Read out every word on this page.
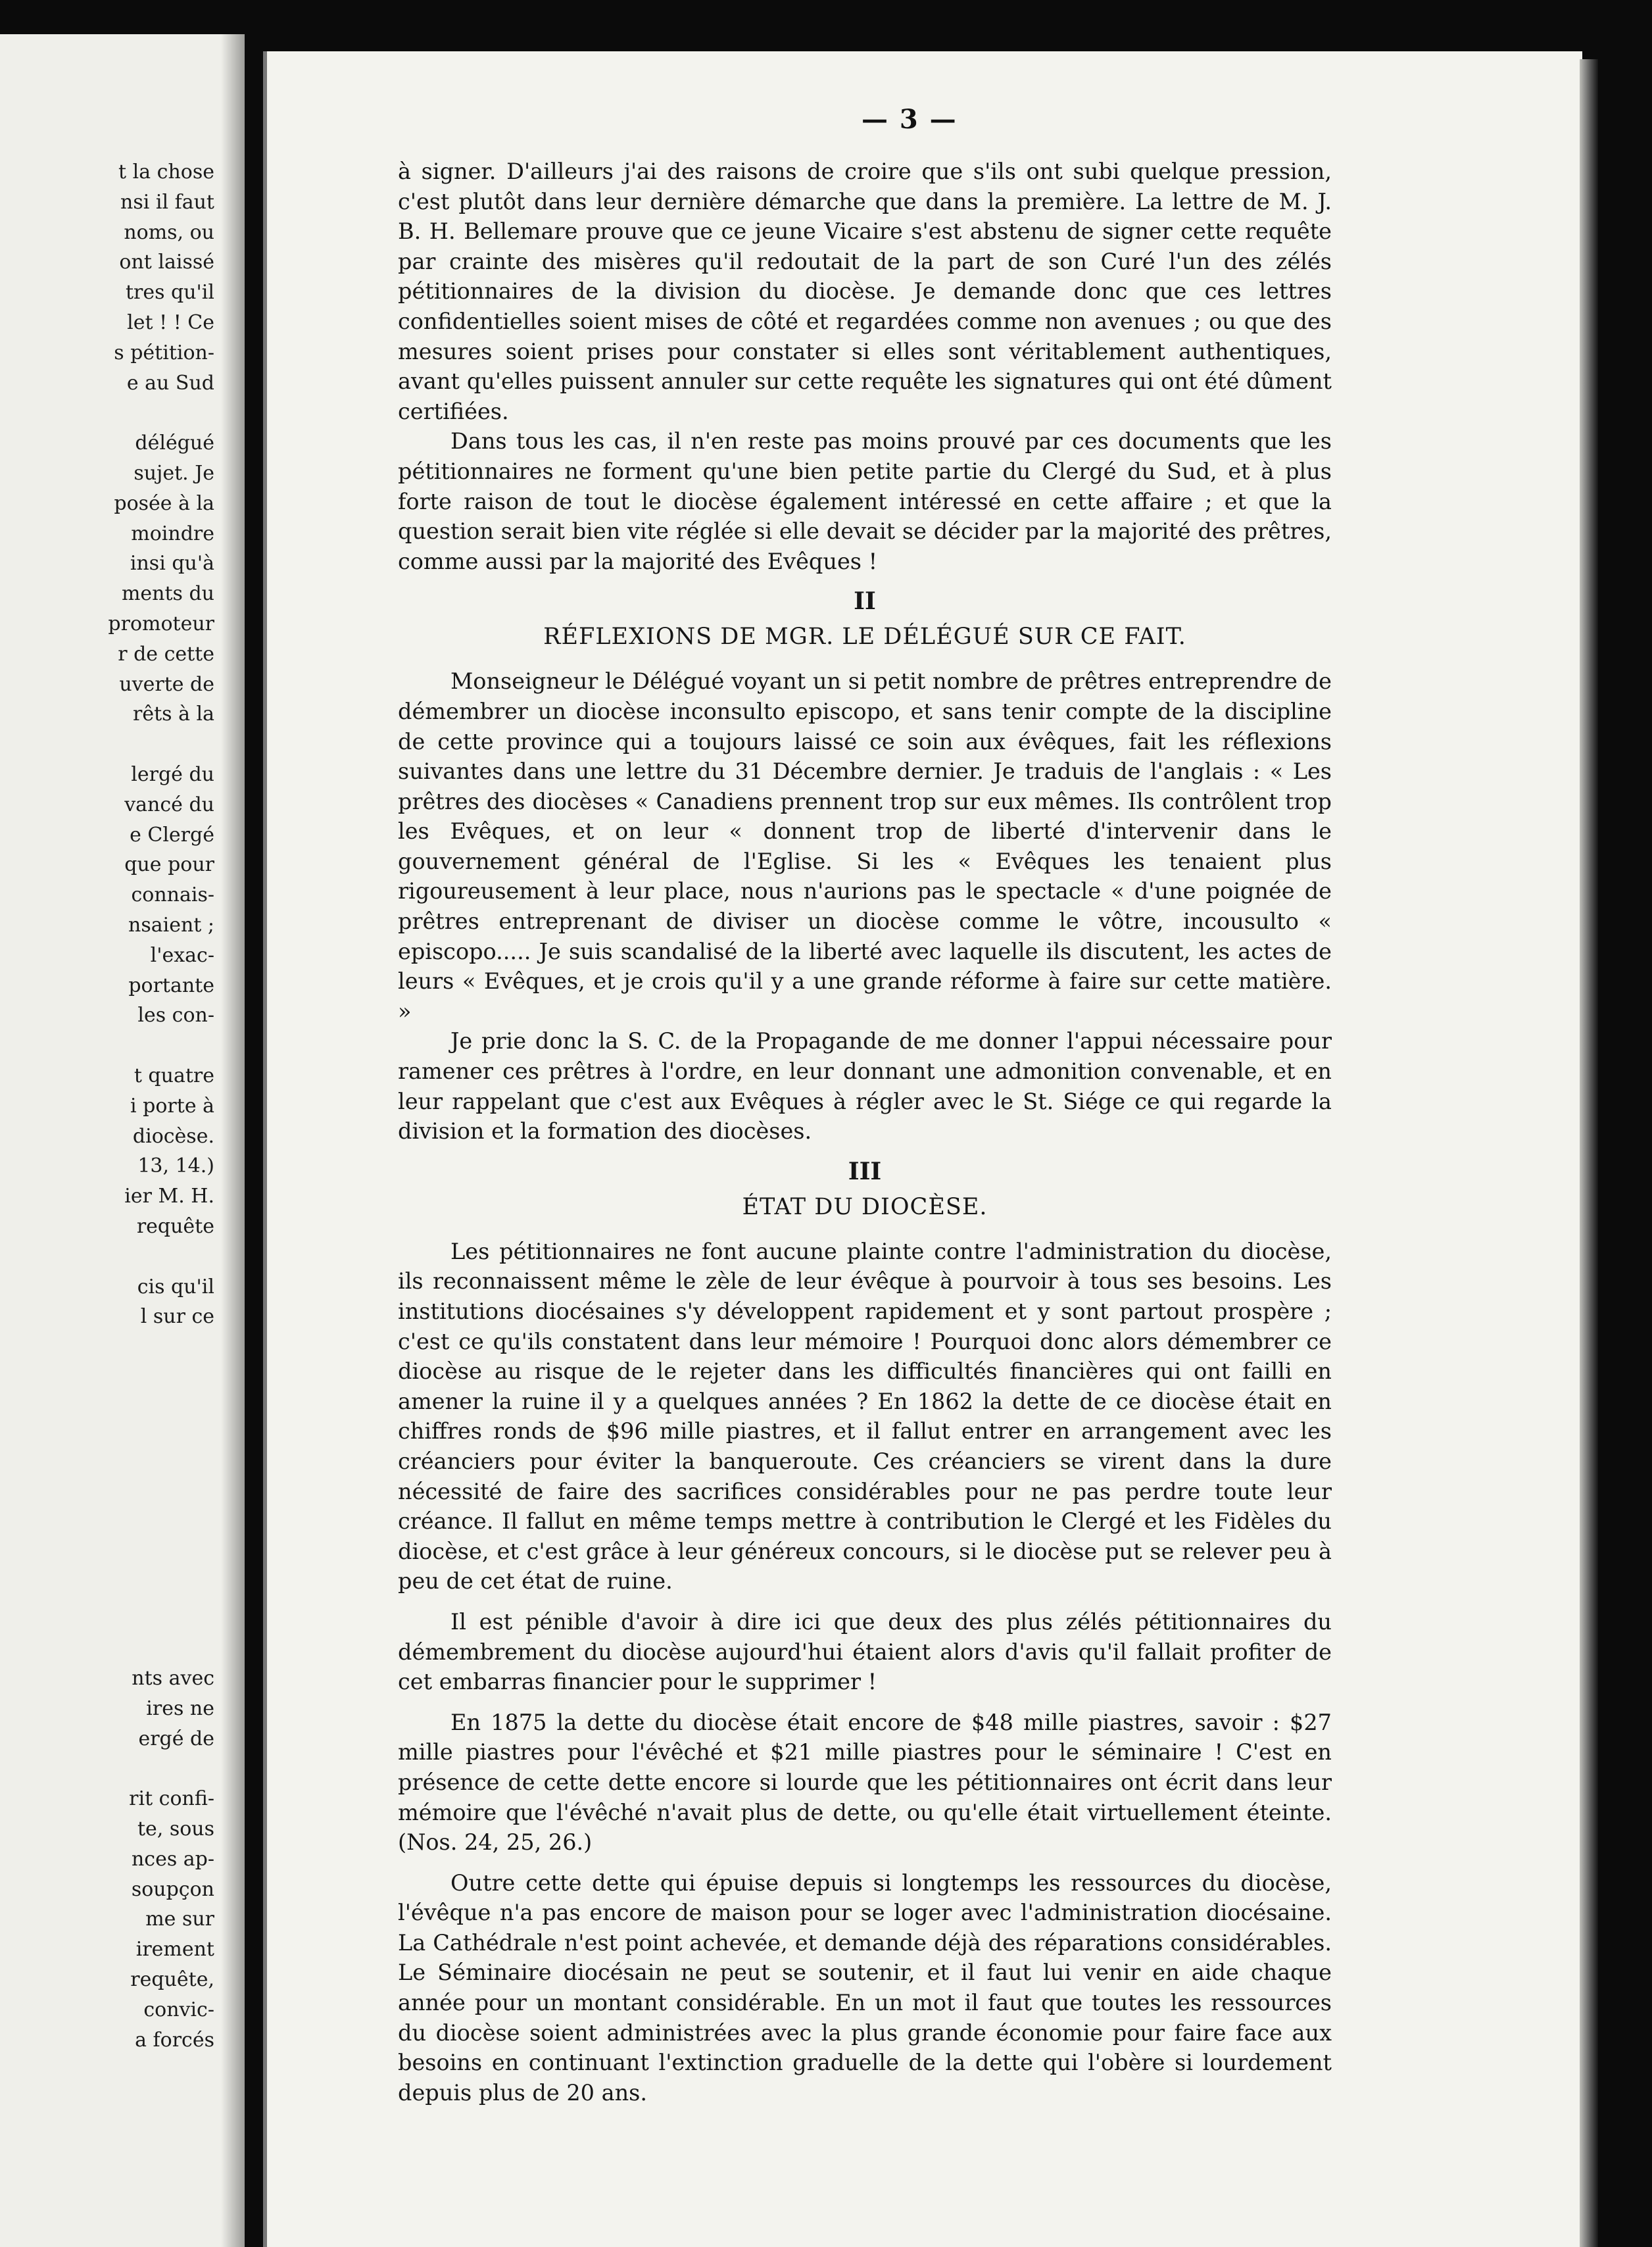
t la chose
nsi il faut
noms, ou
ont laissé
tres qu'il
let ! ! Ce
s pétition-
e au Sud
délégué
sujet. Je
posée à la
moindre
insi qu'à
ments du
promoteur
r de cette
uverte de
rêts à la
lergé du
vancé du
e Clergé
que pour
connais-
nsaient ;
l'exac-
portante
les con-
t quatre
i porte à
diocèse.
13, 14.)
ier M. H.
requête
cis qu'il
l sur ce
nts avec
ires ne
ergé de
rit confi-
te, sous
nces ap-
soupçon
me sur
irement
requête,
convic-
a forcés
— 3 —

à signer. D'ailleurs j'ai des raisons de croire que s'ils ont subi quelque pression, c'est plutôt dans leur dernière démarche que dans la première. La lettre de M. J. B. H. Bellemare prouve que ce jeune Vicaire s'est abstenu de signer cette requête par crainte des misères qu'il redoutait de la part de son Curé l'un des zélés pétitionnaires de la division du diocèse. Je demande donc que ces lettres confidentielles soient mises de côté et regardées comme non avenues ; ou que des mesures soient prises pour constater si elles sont véritablement authentiques, avant qu'elles puissent annuler sur cette requête les signatures qui ont été dûment certifiées.

Dans tous les cas, il n'en reste pas moins prouvé par ces documents que les pétitionnaires ne forment qu'une bien petite partie du Clergé du Sud, et à plus forte raison de tout le diocèse également intéressé en cette affaire ; et que la question serait bien vite réglée si elle devait se décider par la majorité des prêtres, comme aussi par la majorité des Evêques !

II
RÉFLEXIONS DE MGR. LE DÉLÉGUÉ SUR CE FAIT.

Monseigneur le Délégué voyant un si petit nombre de prêtres entreprendre de démembrer un diocèse inconsulto episcopo, et sans tenir compte de la discipline de cette province qui a toujours laissé ce soin aux évêques, fait les réflexions suivantes dans une lettre du 31 Décembre dernier. Je traduis de l'anglais : « Les prêtres des diocèses « Canadiens prennent trop sur eux mêmes. Ils contrôlent trop les Evêques, et on leur « donnent trop de liberté d'intervenir dans le gouvernement général de l'Eglise. Si les « Evêques les tenaient plus rigoureusement à leur place, nous n'aurions pas le spectacle « d'une poignée de prêtres entreprenant de diviser un diocèse comme le vôtre, incousulto « episcopo..... Je suis scandalisé de la liberté avec laquelle ils discutent, les actes de leurs « Evêques, et je crois qu'il y a une grande réforme à faire sur cette matière. »

Je prie donc la S. C. de la Propagande de me donner l'appui nécessaire pour ramener ces prêtres à l'ordre, en leur donnant une admonition convenable, et en leur rappelant que c'est aux Evêques à régler avec le St. Siége ce qui regarde la division et la formation des diocèses.

III
ÉTAT DU DIOCÈSE.

Les pétitionnaires ne font aucune plainte contre l'administration du diocèse, ils reconnaissent même le zèle de leur évêque à pourvoir à tous ses besoins. Les institutions diocésaines s'y développent rapidement et y sont partout prospère ; c'est ce qu'ils constatent dans leur mémoire ! Pourquoi donc alors démembrer ce diocèse au risque de le rejeter dans les difficultés financières qui ont failli en amener la ruine il y a quelques années ? En 1862 la dette de ce diocèse était en chiffres ronds de $96 mille piastres, et il fallut entrer en arrangement avec les créanciers pour éviter la banqueroute. Ces créanciers se virent dans la dure nécessité de faire des sacrifices considérables pour ne pas perdre toute leur créance. Il fallut en même temps mettre à contribution le Clergé et les Fidèles du diocèse, et c'est grâce à leur généreux concours, si le diocèse put se relever peu à peu de cet état de ruine.

Il est pénible d'avoir à dire ici que deux des plus zélés pétitionnaires du démembrement du diocèse aujourd'hui étaient alors d'avis qu'il fallait profiter de cet embarras financier pour le supprimer !

En 1875 la dette du diocèse était encore de $48 mille piastres, savoir : $27 mille piastres pour l'évêché et $21 mille piastres pour le séminaire ! C'est en présence de cette dette encore si lourde que les pétitionnaires ont écrit dans leur mémoire que l'évêché n'avait plus de dette, ou qu'elle était virtuellement éteinte. (Nos. 24, 25, 26.)

Outre cette dette qui épuise depuis si longtemps les ressources du diocèse, l'évêque n'a pas encore de maison pour se loger avec l'administration diocésaine. La Cathédrale n'est point achevée, et demande déjà des réparations considérables. Le Séminaire diocésain ne peut se soutenir, et il faut lui venir en aide chaque année pour un montant considérable. En un mot il faut que toutes les ressources du diocèse soient administrées avec la plus grande économie pour faire face aux besoins en continuant l'extinction graduelle de la dette qui l'obère si lourdement depuis plus de 20 ans.
